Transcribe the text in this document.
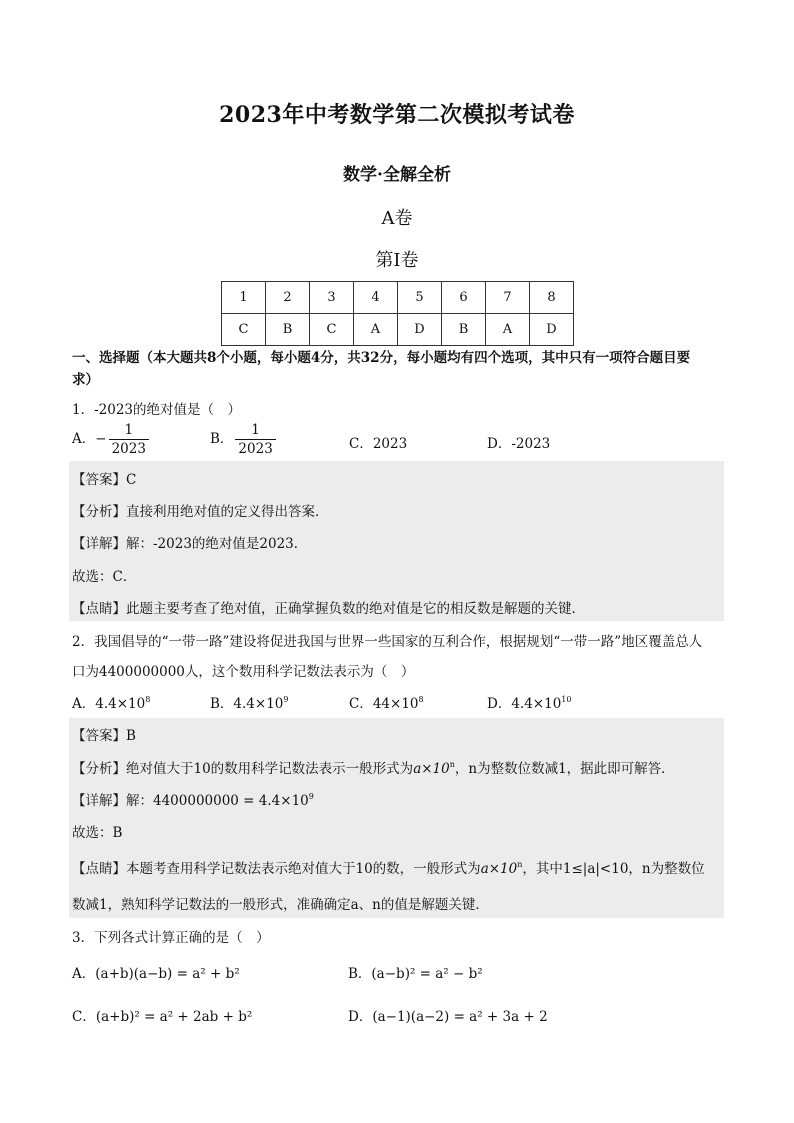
2023年中考数学第二次模拟考试卷
数学·全解全析
A卷
第Ⅰ卷
1	2	3	4	5	6	7	8
C	B	C	A	D	B	A	D
一、选择题（本大题共8个小题，每小题4分，共32分，每小题均有四个选项，其中只有一项符合题目要
求）
1．-2023的绝对值是（　）
A．− $\frac{1}{2023}$	B． $\frac{1}{2023}$	C．2023	D．-2023
【答案】C
【分析】直接利用绝对值的定义得出答案．
【详解】解：-2023的绝对值是2023．
故选：C．
【点睛】此题主要考查了绝对值，正确掌握负数的绝对值是它的相反数是解题的关键．
2．我国倡导的“一带一路”建设将促进我国与世界一些国家的互利合作，根据规划“一带一路”地区覆盖总人
口为4400000000人，这个数用科学记数法表示为（　）
A．$4.4\times 10^8$	B．$4.4\times 10^9$	C．$44\times 10^8$	D．$4.4\times 10^{10}$
【答案】B
【分析】绝对值大于10的数用科学记数法表示一般形式为$a\times 10^n$，n为整数位数减1，据此即可解答．
【详解】解：$4400000000 = 4.4\times 10^9$
故选：B
【点睛】本题考查用科学记数法表示绝对值大于10的数，一般形式为$a\times 10^n$，其中1≤|a|<10，n为整数位
数减1，熟知科学记数法的一般形式，准确确定a、n的值是解题关键．
3．下列各式计算正确的是（　）
A．(a+b)(a−b) = a² + b²	B．(a−b)² = a² − b²
C．(a+b)² = a² + 2ab + b²	D．(a−1)(a−2) = a² + 3a + 2
